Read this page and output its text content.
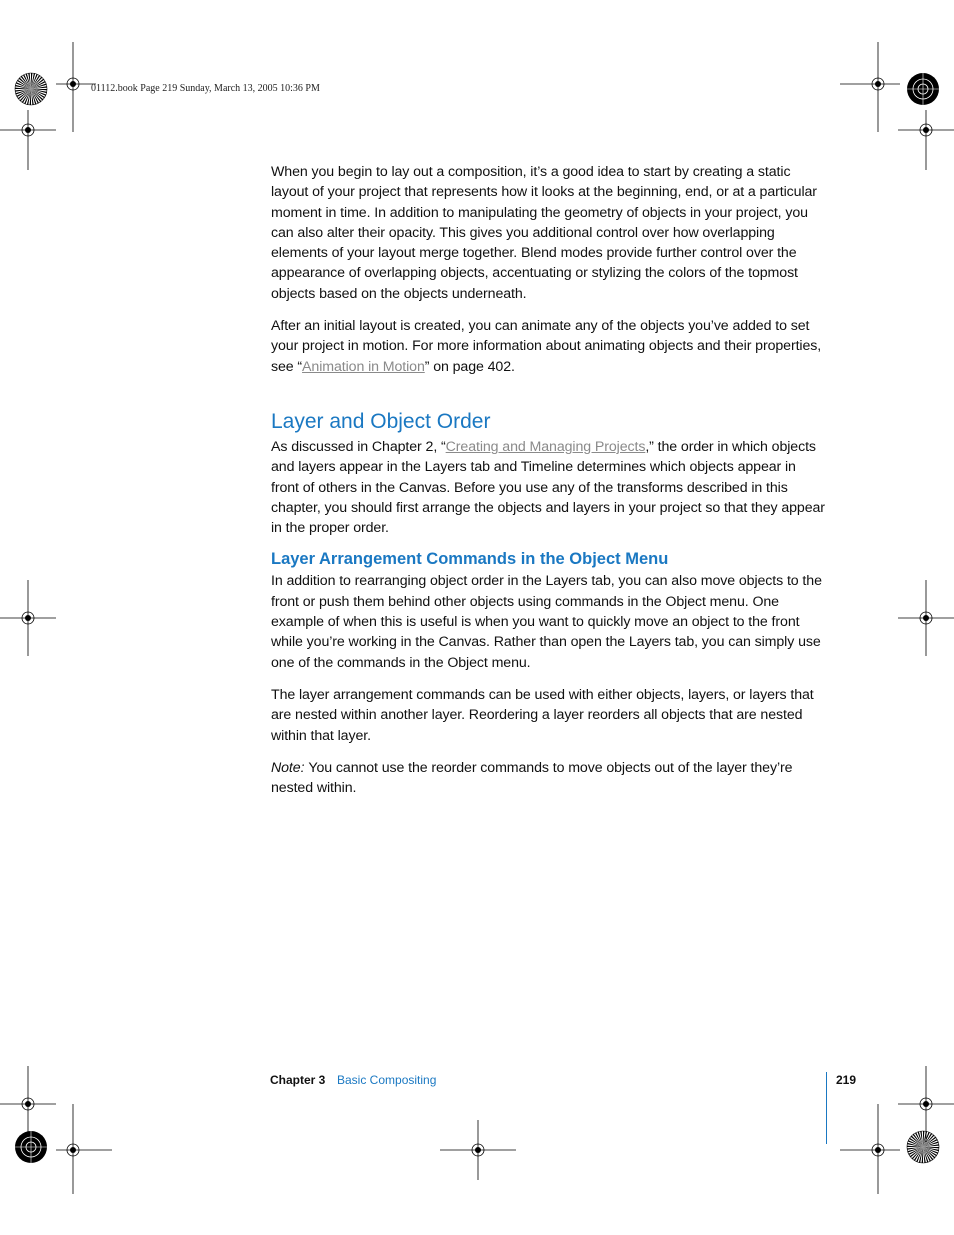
01112.book Page 219 Sunday, March 13, 2005 10:36 PM

When you begin to lay out a composition, it’s a good idea to start by creating a static layout of your project that represents how it looks at the beginning, end, or at a particular moment in time. In addition to manipulating the geometry of objects in your project, you can also alter their opacity. This gives you additional control over how overlapping elements of your layout merge together. Blend modes provide further control over the appearance of overlapping objects, accentuating or stylizing the colors of the topmost objects based on the objects underneath.

After an initial layout is created, you can animate any of the objects you’ve added to set your project in motion. For more information about animating objects and their properties, see “Animation in Motion” on page 402.

Layer and Object Order

As discussed in Chapter 2, “Creating and Managing Projects,” the order in which objects and layers appear in the Layers tab and Timeline determines which objects appear in front of others in the Canvas. Before you use any of the transforms described in this chapter, you should first arrange the objects and layers in your project so that they appear in the proper order.

Layer Arrangement Commands in the Object Menu

In addition to rearranging object order in the Layers tab, you can also move objects to the front or push them behind other objects using commands in the Object menu. One example of when this is useful is when you want to quickly move an object to the front while you’re working in the Canvas. Rather than open the Layers tab, you can simply use one of the commands in the Object menu.

The layer arrangement commands can be used with either objects, layers, or layers that are nested within another layer. Reordering a layer reorders all objects that are nested within that layer.

Note: You cannot use the reorder commands to move objects out of the layer they’re nested within.

Chapter 3 Basic Compositing	219
